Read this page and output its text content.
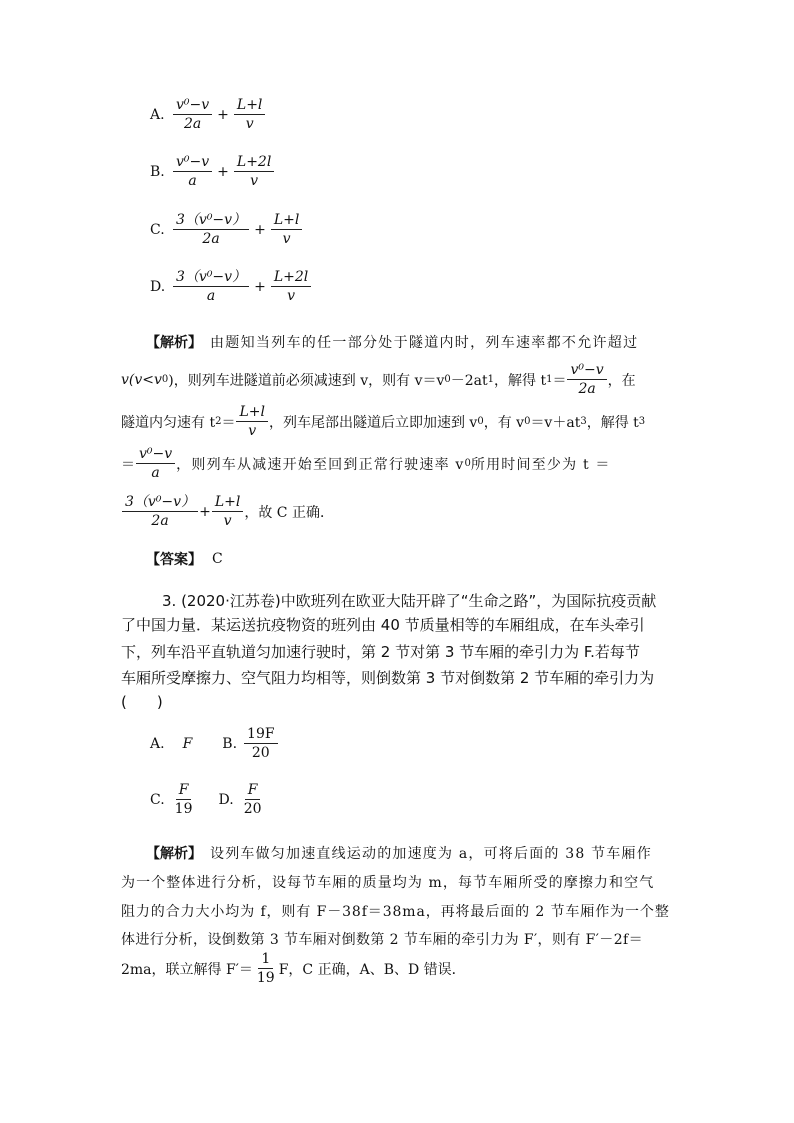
A. $\frac{\text{v⁰−v}}{2a} + \frac{L+l}{v}$
B. $\frac{\text{v⁰−v}}{a} + \frac{L+2l}{v}$
C. $\frac{\text{3（v⁰−v）}}{2a} + \frac{L+l}{v}$
D. $\frac{\text{3（v⁰−v）}}{a} + \frac{L+2l}{v}$
【解析】 由题知当列车的任一部分处于隧道内时，列车速率都不允许超过
v(v<v 0 )，则列车进隧道前必须减速到 v，则有 v＝v 0 －2at 1 ，解得 t $1 = \frac{\text{v⁰−v}}{2a}$ ，在
隧道内匀速有 t $2 = \frac{L+l}{v}$ ，列车尾部出隧道后立即加速到 v 0 ，有 v 0 ＝v＋at 3 ，解得 t 3
＝ $\frac{\text{v⁰−v}}{a}$ ，则列车从减速开始至回到正常行驶速率 v 0 所用时间至少为 t ＝
$\frac{\text{3（v⁰−v）}}{2a} + \frac{L+l}{v}$ ，故 C 正确．
【答案】 C
3. (2020·江苏卷)中欧班列在欧亚大陆开辟了“生命之路”，为国际抗疫贡献
了中国力量．某运送抗疫物资的班列由 40 节质量相等的车厢组成，在车头牵引
下，列车沿平直轨道匀加速行驶时，第 2 节对第 3 节车厢的牵引力为 F.若每节
车厢所受摩擦力、空气阻力均相等，则倒数第 3 节对倒数第 2 节车厢的牵引力为
(　　)
A. F B. $\frac{19F}{20}$
C. $\frac{F}{19} D$. $\frac{F}{20}$
【解析】 设列车做匀加速直线运动的加速度为 a，可将后面的 38 节车厢作
为一个整体进行分析，设每节车厢的质量均为 m，每节车厢所受的摩擦力和空气
阻力的合力大小均为 f，则有 F－38f＝38ma，再将最后面的 2 节车厢作为一个整
体进行分析，设倒数第 3 节车厢对倒数第 2 节车厢的牵引力为 F′，则有 F′－2f＝
2ma，联立解得 $F'= \frac{1}{19}$ F，C 正确，A、B、D 错误．
